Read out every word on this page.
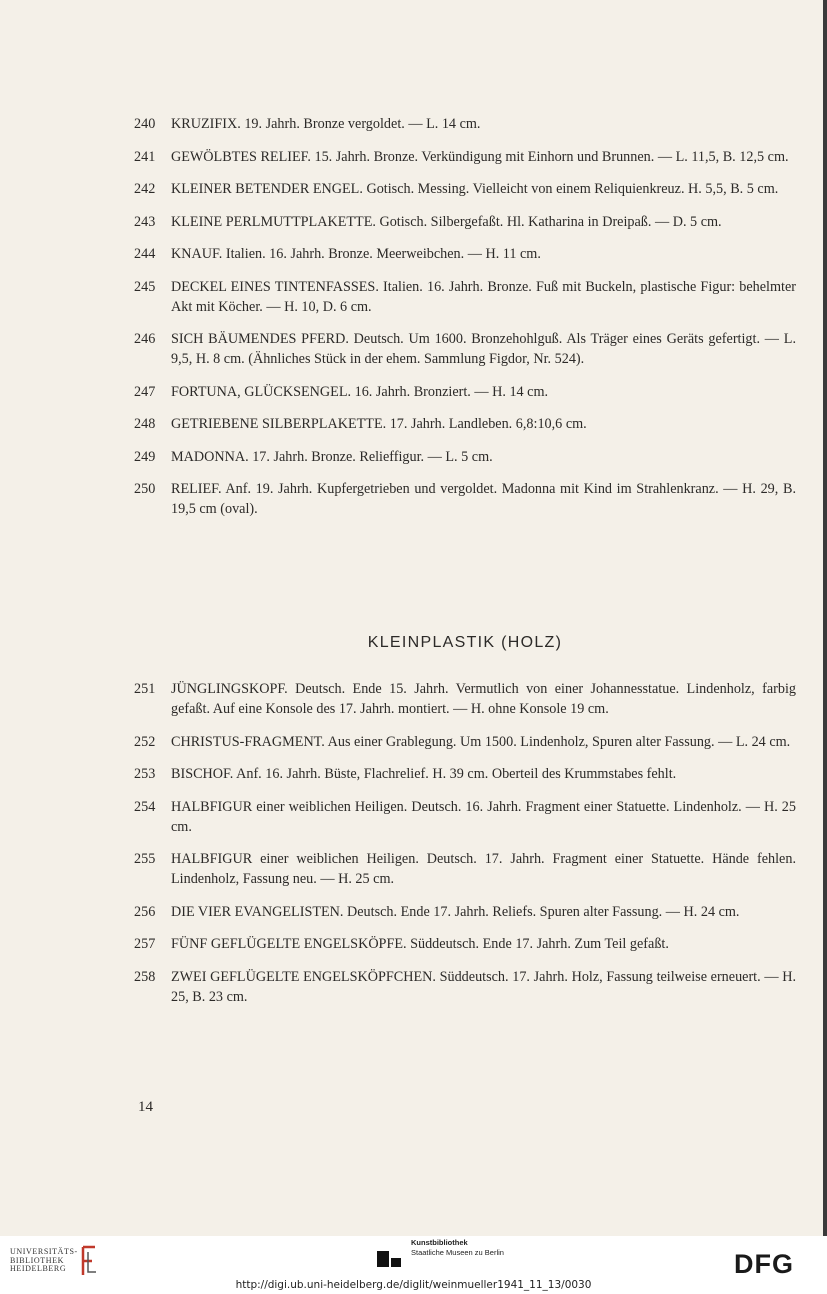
240 KRUZIFIX. 19. Jahrh. Bronze vergoldet. — L. 14 cm.
241 GEWÖLBTES RELIEF. 15. Jahrh. Bronze. Verkündigung mit Einhorn und Brunnen. — L. 11,5, B. 12,5 cm.
242 KLEINER BETENDER ENGEL. Gotisch. Messing. Vielleicht von einem Reliquienkreuz. H. 5,5, B. 5 cm.
243 KLEINE PERLMUTTPLAKETTE. Gotisch. Silbergefaßt. Hl. Katharina in Dreipaß. — D. 5 cm.
244 KNAUF. Italien. 16. Jahrh. Bronze. Meerweibchen. — H. 11 cm.
245 DECKEL EINES TINTENFASSES. Italien. 16. Jahrh. Bronze. Fuß mit Buckeln, plastische Figur: behelmter Akt mit Köcher. — H. 10, D. 6 cm.
246 SICH BÄUMENDES PFERD. Deutsch. Um 1600. Bronzehohlguß. Als Träger eines Geräts gefertigt. — L. 9,5, H. 8 cm. (Ähnliches Stück in der ehem. Sammlung Figdor, Nr. 524).
247 FORTUNA, GLÜCKSENGEL. 16. Jahrh. Bronziert. — H. 14 cm.
248 GETRIEBENE SILBERPLAKETTE. 17. Jahrh. Landleben. 6,8:10,6 cm.
249 MADONNA. 17. Jahrh. Bronze. Relieffigur. — L. 5 cm.
250 RELIEF. Anf. 19. Jahrh. Kupfergetrieben und vergoldet. Madonna mit Kind im Strahlenkranz. — H. 29, B. 19,5 cm (oval).
KLEINPLASTIK (HOLZ)
251 JÜNGLINGSKOPF. Deutsch. Ende 15. Jahrh. Vermutlich von einer Johannesstatue. Lindenholz, farbig gefaßt. Auf eine Konsole des 17. Jahrh. montiert. — H. ohne Konsole 19 cm.
252 CHRISTUS-FRAGMENT. Aus einer Grablegung. Um 1500. Lindenholz, Spuren alter Fassung. — L. 24 cm.
253 BISCHOF. Anf. 16. Jahrh. Büste, Flachrelief. H. 39 cm. Oberteil des Krummstabes fehlt.
254 HALBFIGUR einer weiblichen Heiligen. Deutsch. 16. Jahrh. Fragment einer Statuette. Lindenholz. — H. 25 cm.
255 HALBFIGUR einer weiblichen Heiligen. Deutsch. 17. Jahrh. Fragment einer Statuette. Hände fehlen. Lindenholz, Fassung neu. — H. 25 cm.
256 DIE VIER EVANGELISTEN. Deutsch. Ende 17. Jahrh. Reliefs. Spuren alter Fassung. — H. 24 cm.
257 FÜNF GEFLÜGELTE ENGELSKÖPFE. Süddeutsch. Ende 17. Jahrh. Zum Teil gefaßt.
258 ZWEI GEFLÜGELTE ENGELSKÖPFCHEN. Süddeutsch. 17. Jahrh. Holz, Fassung teilweise erneuert. — H. 25, B. 23 cm.
14
UNIVERSITÄTS-
BIBLIOTHEK
HEIDELBERG
Kunstbibliothek
Staatliche Museen zu Berlin	DFG
http://digi.ub.uni-heidelberg.de/diglit/weinmueller1941_11_13/0030
